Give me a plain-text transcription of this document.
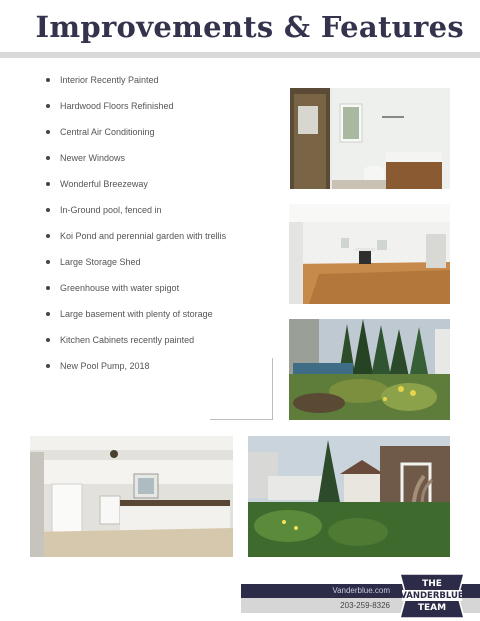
Improvements & Features
Interior Recently Painted
Hardwood Floors Refinished
Central Air Conditioning
Newer Windows
Wonderful Breezeway
In-Ground pool, fenced in
Koi Pond and perennial garden with trellis
Large Storage Shed
Greenhouse with water spigot
Large basement with plenty of storage
Kitchen Cabinets recently painted
New Pool Pump, 2018
Vanderblue.com
203-259-8326
THE
VANDERBLUE
TEAM
